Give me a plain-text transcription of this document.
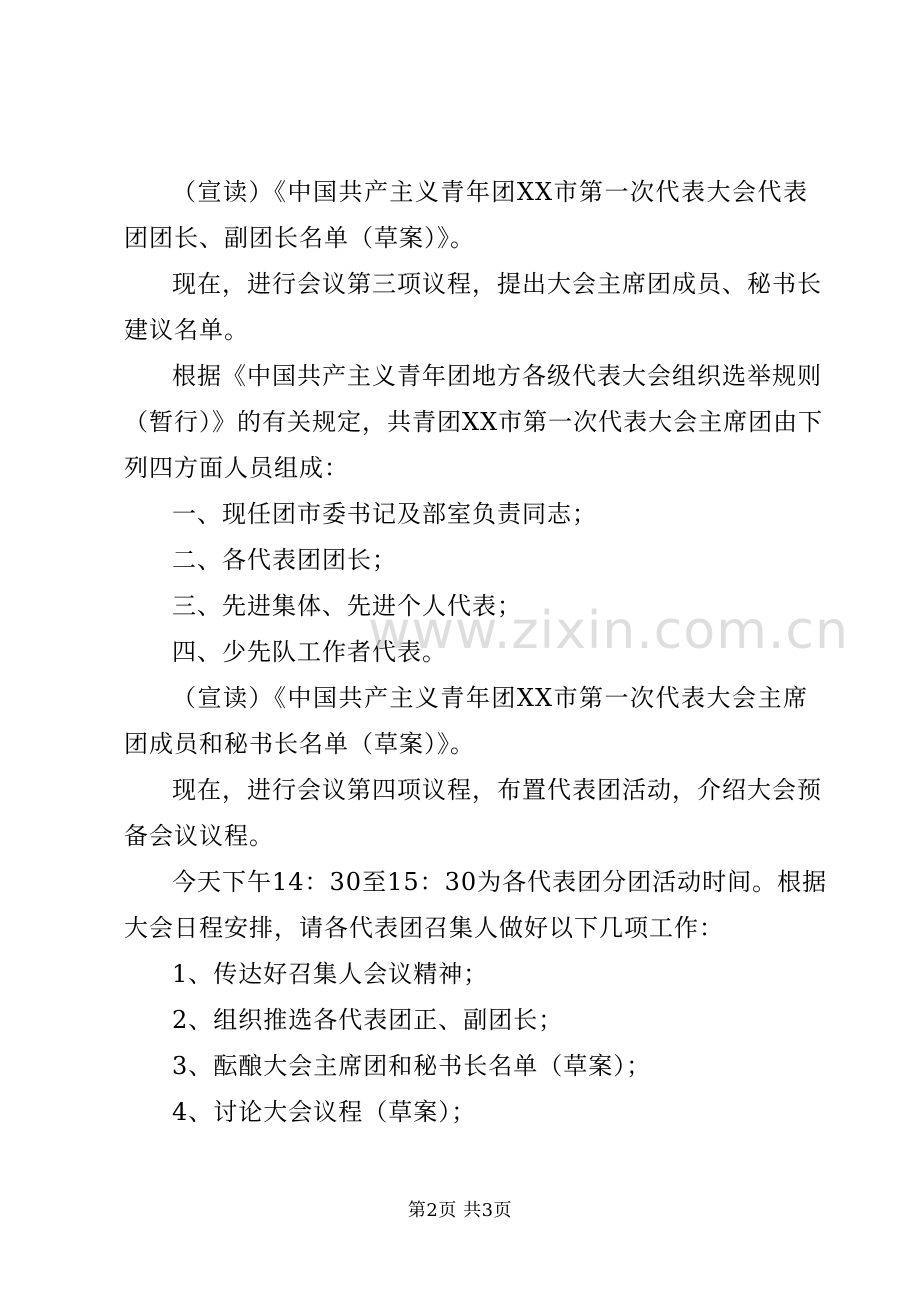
（宣读）《中国共产主义青年团XX市第一次代表大会代表
团团长、副团长名单（草案）》。
现在，进行会议第三项议程，提出大会主席团成员、秘书长
建议名单。
根据《中国共产主义青年团地方各级代表大会组织选举规则
（暂行）》的有关规定，共青团XX市第一次代表大会主席团由下
列四方面人员组成：
一、现任团市委书记及部室负责同志；
二、各代表团团长；
三、先进集体、先进个人代表；
四、少先队工作者代表。
（宣读）《中国共产主义青年团XX市第一次代表大会主席
团成员和秘书长名单（草案）》。
现在，进行会议第四项议程，布置代表团活动，介绍大会预
备会议议程。
今天下午14：30至15：30为各代表团分团活动时间。根据
大会日程安排，请各代表团召集人做好以下几项工作：
1、传达好召集人会议精神；
2、组织推选各代表团正、副团长；
3、酝酿大会主席团和秘书长名单（草案）；
4、讨论大会议程（草案）；
www.zixin.com.cn
第2页 共3页
